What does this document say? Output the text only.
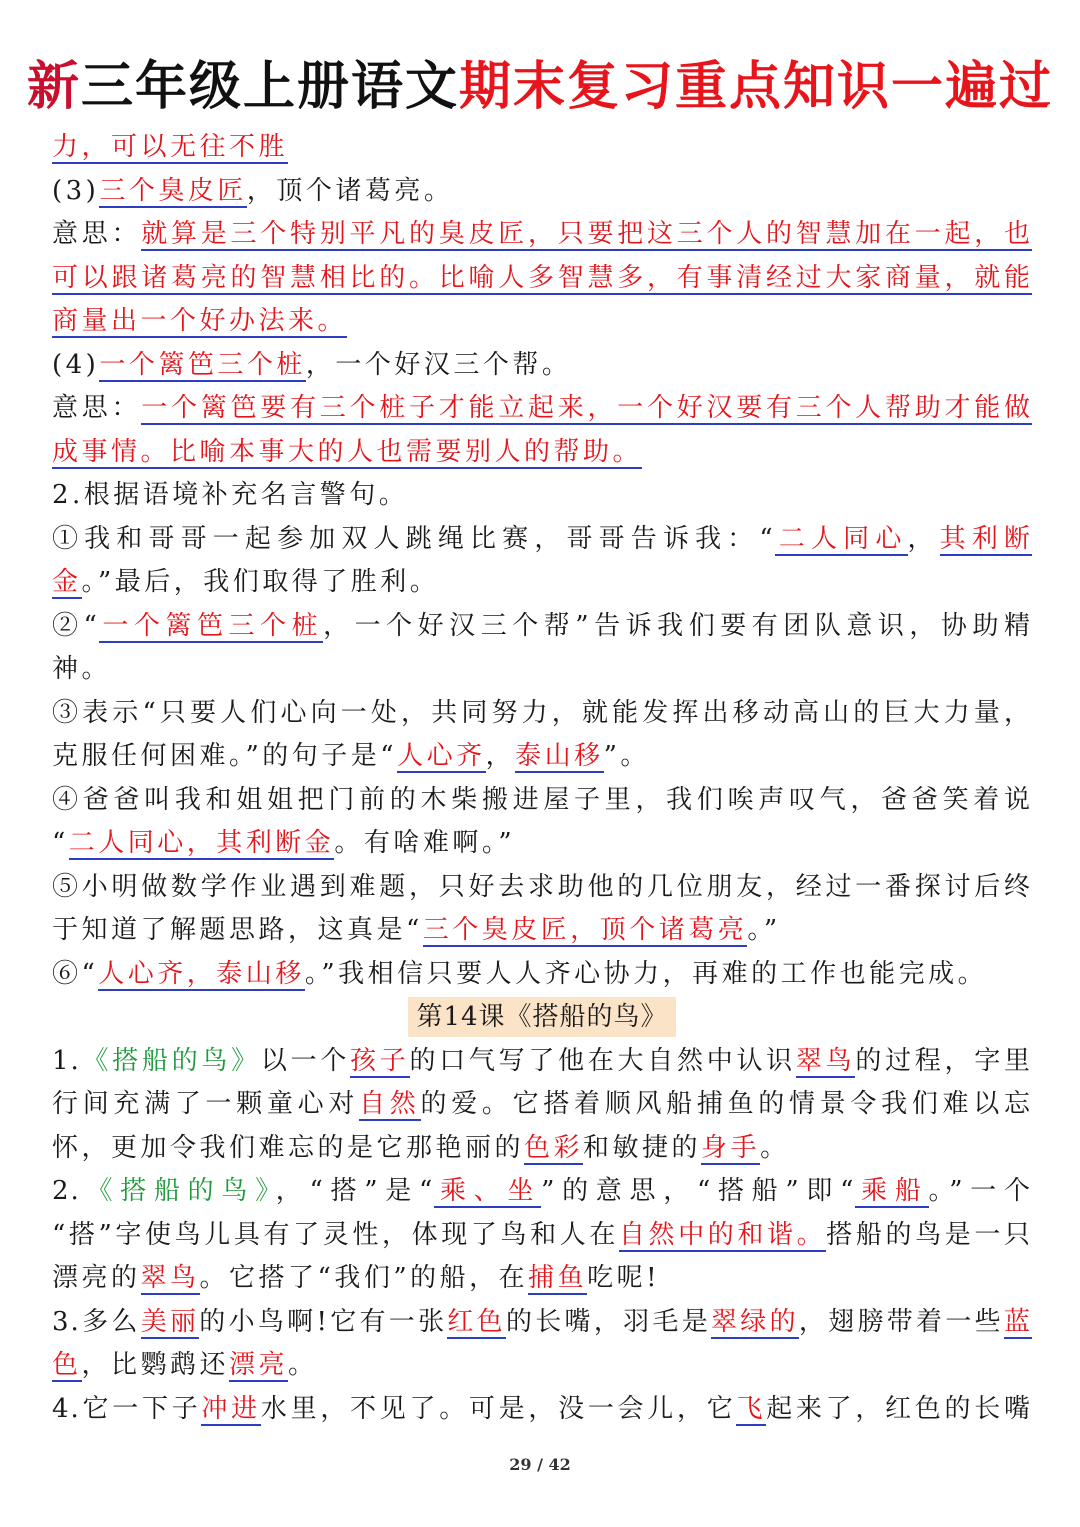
新三年级上册语文期末复习重点知识一遍过
力，可以无往不胜
(3)三个臭皮匠，顶个诸葛亮。
意思：就算是三个特别平凡的臭皮匠，只要把这三个人的智慧加在一起，也
可以跟诸葛亮的智慧相比的。比喻人多智慧多，有事清经过大家商量，就能
商量出一个好办法来。
(4)一个篱笆三个桩，一个好汉三个帮。
意思：一个篱笆要有三个桩子才能立起来，一个好汉要有三个人帮助才能做
成事情。比喻本事大的人也需要别人的帮助。
2.根据语境补充名言警句。
①我和哥哥一起参加双人跳绳比赛，哥哥告诉我：“二人同心，其利断
金。”最后，我们取得了胜利。
②“一个篱笆三个桩，一个好汉三个帮”告诉我们要有团队意识，协助精
神。
③表示“只要人们心向一处，共同努力，就能发挥出移动高山的巨大力量，
克服任何困难。”的句子是“人心齐，泰山移”。
④爸爸叫我和姐姐把门前的木柴搬进屋子里，我们唉声叹气，爸爸笑着说
“二人同心，其利断金。有啥难啊。”
⑤小明做数学作业遇到难题，只好去求助他的几位朋友，经过一番探讨后终
于知道了解题思路，这真是“三个臭皮匠，顶个诸葛亮。”
⑥“人心齐，泰山移。”我相信只要人人齐心协力，再难的工作也能完成。
第14课《搭船的鸟》
1.《搭船的鸟》以一个孩子的口气写了他在大自然中认识翠鸟的过程，字里
行间充满了一颗童心对自然的爱。它搭着顺风船捕鱼的情景令我们难以忘
怀，更加令我们难忘的是它那艳丽的色彩和敏捷的身手。
2.《搭船的鸟》，“搭”是“乘、坐”的意思，“搭船”即“乘船。”一个
“搭”字使鸟儿具有了灵性，体现了鸟和人在自然中的和谐。搭船的鸟是一只
漂亮的翠鸟。它搭了“我们”的船，在捕鱼吃呢!
3.多么美丽的小鸟啊!它有一张红色的长嘴，羽毛是翠绿的，翅膀带着一些蓝
色，比鹦鹉还漂亮。
4.它一下子冲进水里，不见了。可是，没一会儿，它飞起来了，红色的长嘴
29 / 42
